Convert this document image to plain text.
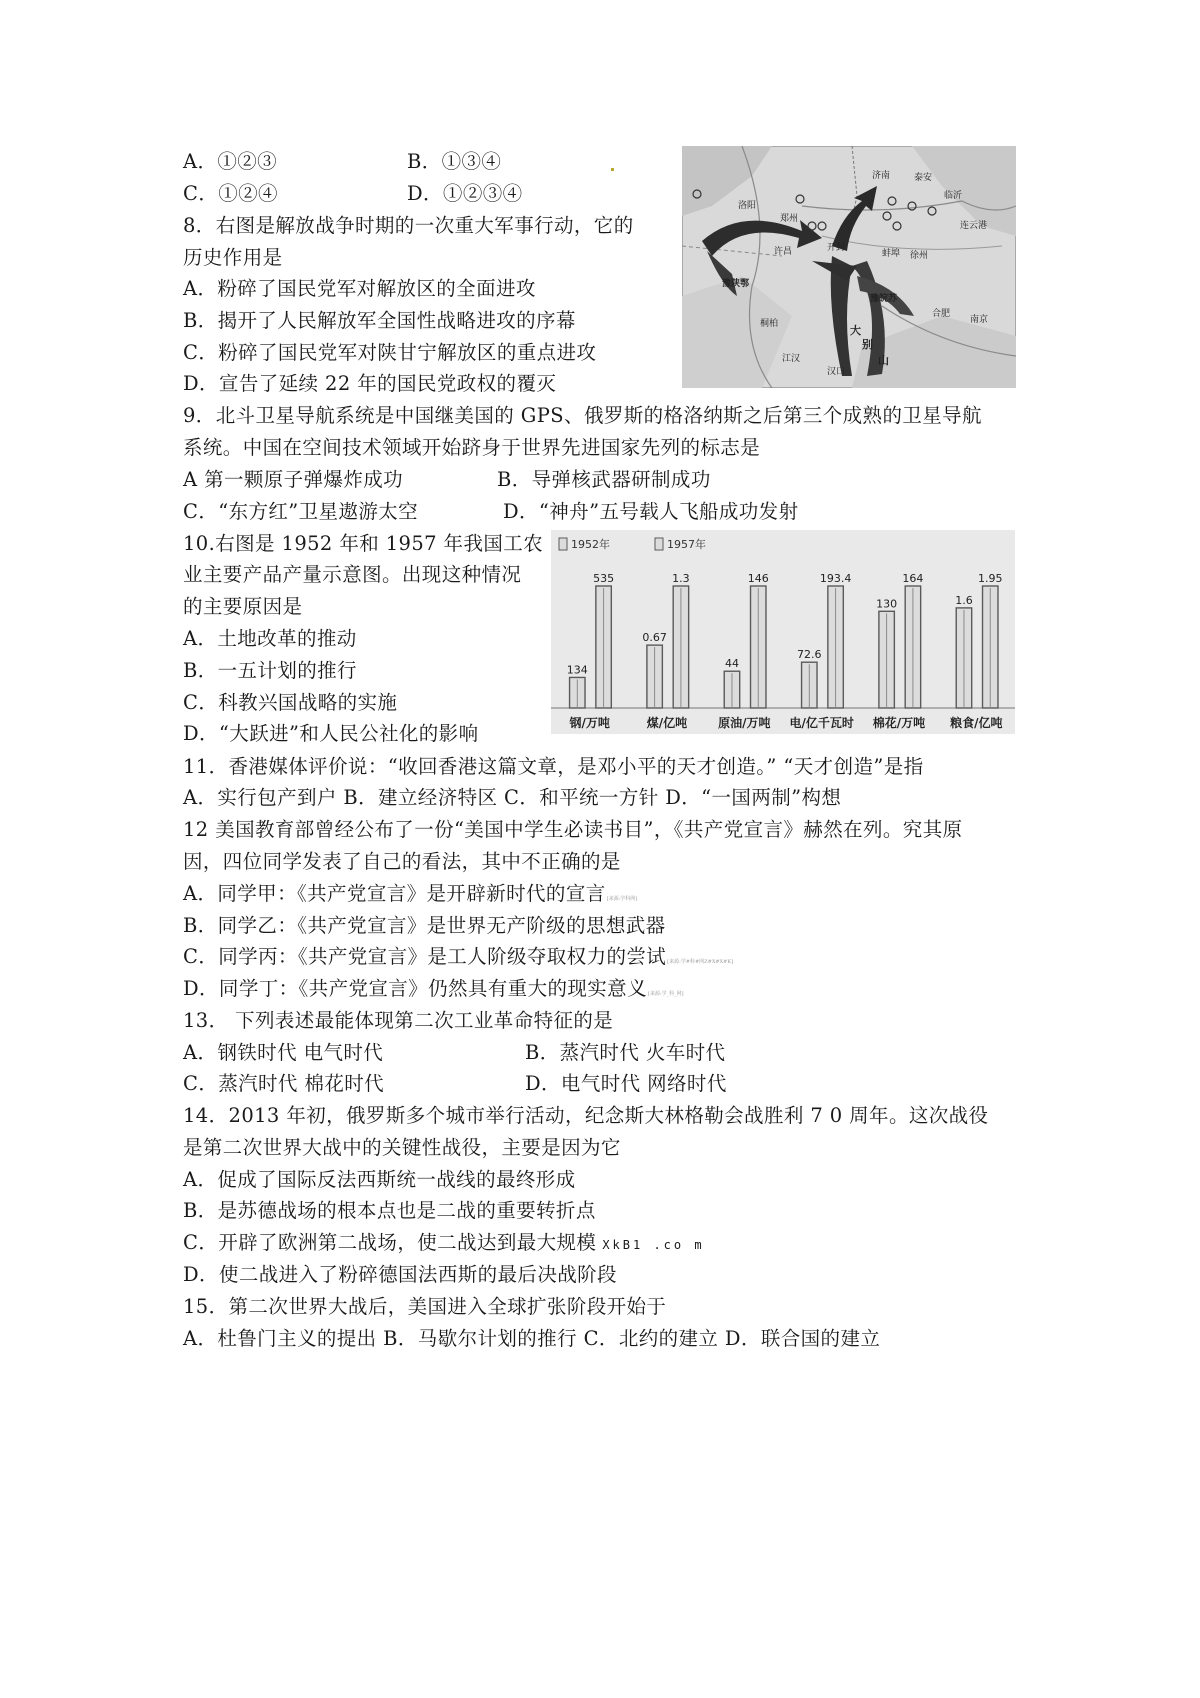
A．①②③	B．①③④
C．①②④	D．①②③④
8．右图是解放战争时期的一次重大军事行动，它的
历史作用是
A．粉碎了国民党军对解放区的全面进攻
B．揭开了人民解放军全国性战略进攻的序幕
C．粉碎了国民党军对陕甘宁解放区的重点进攻
D．宣告了延续 22 年的国民党政权的覆灭
济南	泰安
开封
徐州
豫陕鄂
豫皖苏
南京
合肥
汉口
大
别
山
郑州
洛阳
许昌
临沂
连云港
桐柏
江汉
蚌埠
9．北斗卫星导航系统是中国继美国的 GPS、俄罗斯的格洛纳斯之后第三个成熟的卫星导航
系统。中国在空间技术领域开始跻身于世界先进国家先列的标志是
A 第一颗原子弹爆炸成功	B．导弹核武器研制成功
C．“东方红”卫星遨游太空	D．“神舟”五号载人飞船成功发射
10.右图是 1952 年和 1957 年我国工农
业主要产品产量示意图。出现这种情况
的主要原因是
A．土地改革的推动
B．一五计划的推行
C．科教兴国战略的实施
D．“大跃进”和人民公社化的影响
1952年	1957年
134
535
钢/万吨
0.67
1.3
煤/亿吨
44
146
原油/万吨
72.6
193.4
电/亿千瓦时
130
164
棉花/万吨
1.6
1.95
粮食/亿吨
11．香港媒体评价说：“收回香港这篇文章，是邓小平的天才创造。” “天才创造”是指
A．实行包产到户 B．建立经济特区 C．和平统一方针 D．“一国两制”构想
12 美国教育部曾经公布了一份“美国中学生必读书目”，《共产党宣言》赫然在列。究其原
因，四位同学发表了自己的看法，其中不正确的是
A．同学甲：《共产党宣言》是开辟新时代的宣言[来源:学科网]
B．同学乙：《共产党宣言》是世界无产阶级的思想武器
C．同学丙：《共产党宣言》是工人阶级夺取权力的尝试[来源:学#科#网Z#X#X#K]
D．同学丁：《共产党宣言》仍然具有重大的现实意义[来源:学_科_网]
13． 下列表述最能体现第二次工业革命特征的是
A．钢铁时代 电气时代	B．蒸汽时代 火车时代
C．蒸汽时代 棉花时代	D．电气时代 网络时代
14．2013 年初，俄罗斯多个城市举行活动，纪念斯大林格勒会战胜利 7 0 周年。这次战役
是第二次世界大战中的关键性战役，主要是因为它
A．促成了国际反法西斯统一战线的最终形成
B．是苏德战场的根本点也是二战的重要转折点
C．开辟了欧洲第二战场，使二战达到最大规模 XkB1 .co m
D．使二战进入了粉碎德国法西斯的最后决战阶段
15．第二次世界大战后，美国进入全球扩张阶段开始于
A．杜鲁门主义的提出 B．马歇尔计划的推行 C．北约的建立 D．联合国的建立
